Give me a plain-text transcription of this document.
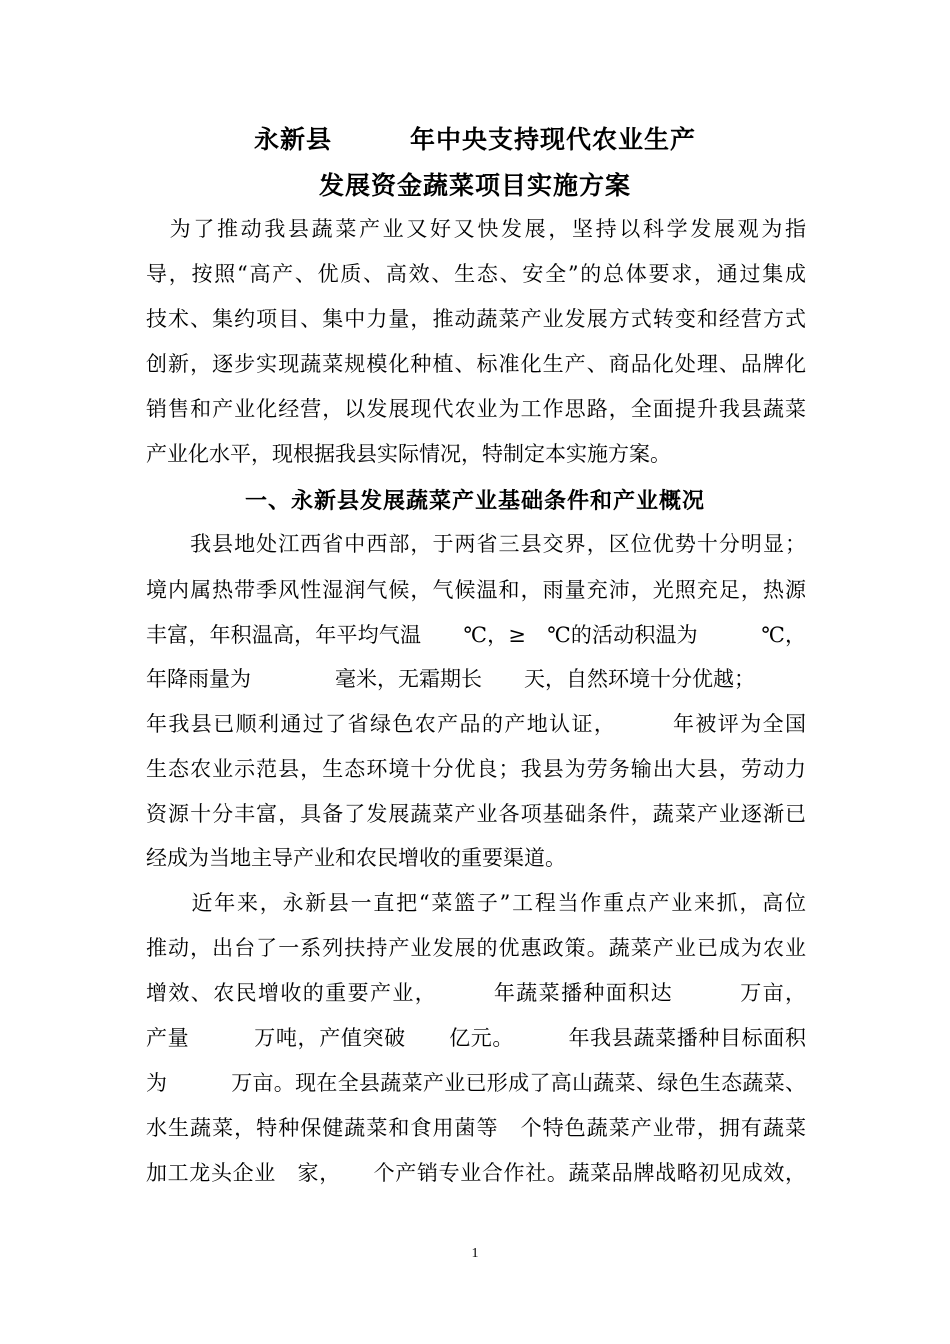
永新县　　　年中央支持现代农业生产
发展资金蔬菜项目实施方案
　为了推动我县蔬菜产业又好又快发展，坚持以科学发展观为指
导，按照“高产、优质、高效、生态、安全”的总体要求，通过集成
技术、集约项目、集中力量，推动蔬菜产业发展方式转变和经营方式
创新，逐步实现蔬菜规模化种植、标准化生产、商品化处理、品牌化
销售和产业化经营，以发展现代农业为工作思路，全面提升我县蔬菜
产业化水平，现根据我县实际情况，特制定本实施方案。
一、永新县发展蔬菜产业基础条件和产业概况
　　我县地处江西省中西部，于两省三县交界，区位优势十分明显；
境内属热带季风性湿润气候，气候温和，雨量充沛，光照充足，热源
丰富，年积温高，年平均气温　　℃，≥　℃的活动积温为　　　℃，
年降雨量为　　　　毫米，无霜期长　　天，自然环境十分优越；
年我县已顺利通过了省绿色农产品的产地认证，　　　年被评为全国
生态农业示范县，生态环境十分优良；我县为劳务输出大县，劳动力
资源十分丰富，具备了发展蔬菜产业各项基础条件，蔬菜产业逐渐已
经成为当地主导产业和农民增收的重要渠道。
　　近年来，永新县一直把“菜篮子”工程当作重点产业来抓，高位
推动，出台了一系列扶持产业发展的优惠政策。蔬菜产业已成为农业
增效、农民增收的重要产业，　　　年蔬菜播种面积达　　　万亩，
产量　　　万吨，产值突破　　亿元。　　　年我县蔬菜播种目标面积
为　　　万亩。现在全县蔬菜产业已形成了高山蔬菜、绿色生态蔬菜、
水生蔬菜，特种保健蔬菜和食用菌等　个特色蔬菜产业带，拥有蔬菜
加工龙头企业　家，　　个产销专业合作社。蔬菜品牌战略初见成效，
1
